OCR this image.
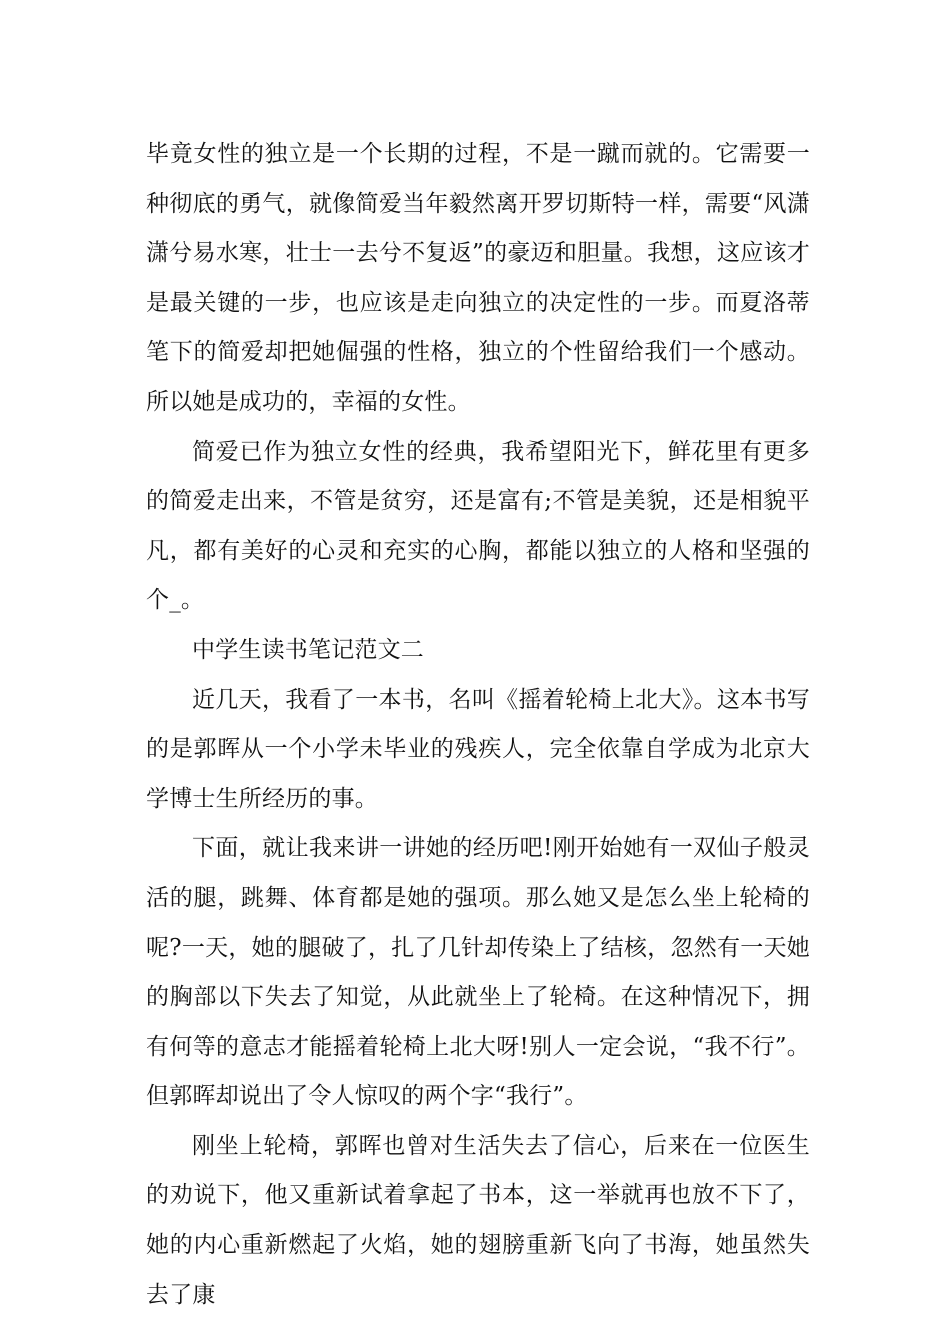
毕竟女性的独立是一个长期的过程，不是一蹴而就的。它需要一种彻底的勇气，就像简爱当年毅然离开罗切斯特一样，需要“风潇潇兮易水寒，壮士一去兮不复返”的豪迈和胆量。我想，这应该才是最关键的一步，也应该是走向独立的决定性的一步。而夏洛蒂笔下的简爱却把她倔强的性格，独立的个性留给我们一个感动。所以她是成功的，幸福的女性。

简爱已作为独立女性的经典，我希望阳光下，鲜花里有更多的简爱走出来，不管是贫穷，还是富有;不管是美貌，还是相貌平凡，都有美好的心灵和充实的心胸，都能以独立的人格和坚强的个_。

中学生读书笔记范文二

近几天，我看了一本书，名叫《摇着轮椅上北大》。这本书写的是郭晖从一个小学未毕业的残疾人，完全依靠自学成为北京大学博士生所经历的事。

下面，就让我来讲一讲她的经历吧!刚开始她有一双仙子般灵活的腿，跳舞、体育都是她的强项。那么她又是怎么坐上轮椅的呢?一天，她的腿破了，扎了几针却传染上了结核，忽然有一天她的胸部以下失去了知觉，从此就坐上了轮椅。在这种情况下，拥有何等的意志才能摇着轮椅上北大呀!别人一定会说，“我不行”。但郭晖却说出了令人惊叹的两个字“我行”。

刚坐上轮椅，郭晖也曾对生活失去了信心，后来在一位医生的劝说下，他又重新试着拿起了书本，这一举就再也放不下了，她的内心重新燃起了火焰，她的翅膀重新飞向了书海，她虽然失去了康
